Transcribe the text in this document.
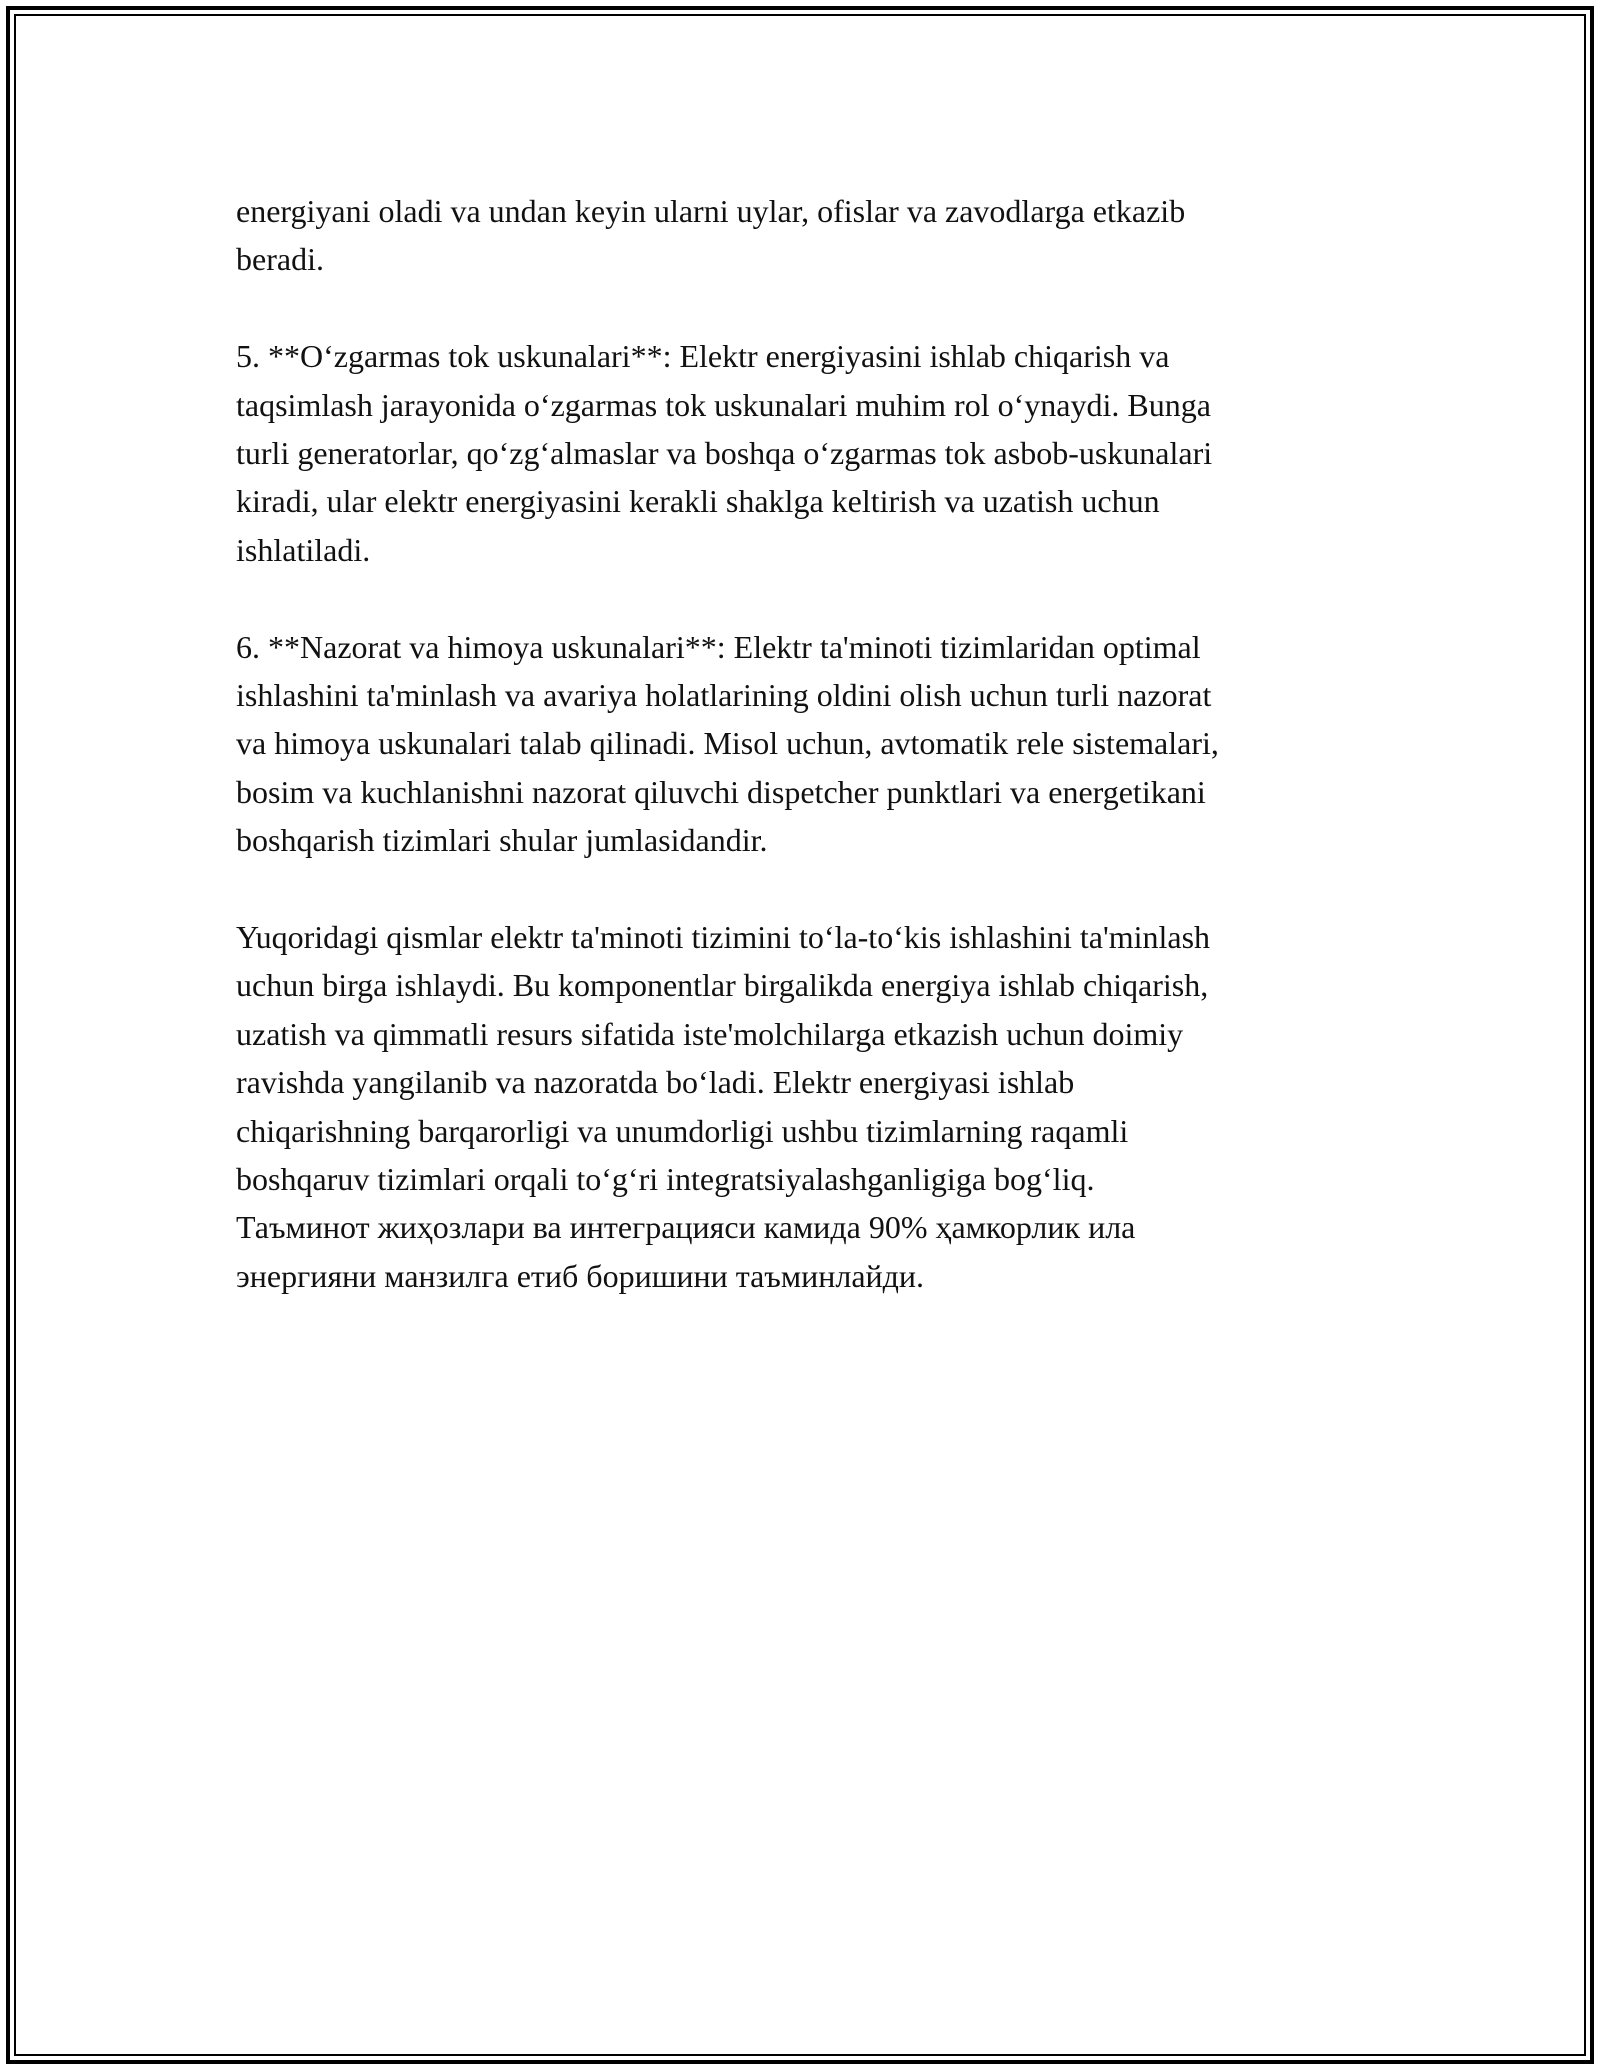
energiyani oladi va undan keyin ularni uylar, ofislar va zavodlarga etkazib
beradi.

5. **O‘zgarmas tok uskunalari**: Elektr energiyasini ishlab chiqarish va
taqsimlash jarayonida o‘zgarmas tok uskunalari muhim rol o‘ynaydi. Bunga
turli generatorlar, qo‘zg‘almaslar va boshqa o‘zgarmas tok asbob-uskunalari
kiradi, ular elektr energiyasini kerakli shaklga keltirish va uzatish uchun
ishlatiladi.

6. **Nazorat va himoya uskunalari**: Elektr ta'minoti tizimlaridan optimal
ishlashini ta'minlash va avariya holatlarining oldini olish uchun turli nazorat
va himoya uskunalari talab qilinadi. Misol uchun, avtomatik rele sistemalari,
bosim va kuchlanishni nazorat qiluvchi dispetcher punktlari va energetikani
boshqarish tizimlari shular jumlasidandir.

Yuqoridagi qismlar elektr ta'minoti tizimini to‘la-to‘kis ishlashini ta'minlash
uchun birga ishlaydi. Bu komponentlar birgalikda energiya ishlab chiqarish,
uzatish va qimmatli resurs sifatida iste'molchilarga etkazish uchun doimiy
ravishda yangilanib va nazoratda bo‘ladi. Elektr energiyasi ishlab
chiqarishning barqarorligi va unumdorligi ushbu tizimlarning raqamli
boshqaruv tizimlari orqali to‘g‘ri integratsiyalashganligiga bog‘liq.
Таъминот жиҳозлари ва интеграцияси камида 90% ҳамкорлик ила
энергияни манзилга етиб боришини таъминлайди.
